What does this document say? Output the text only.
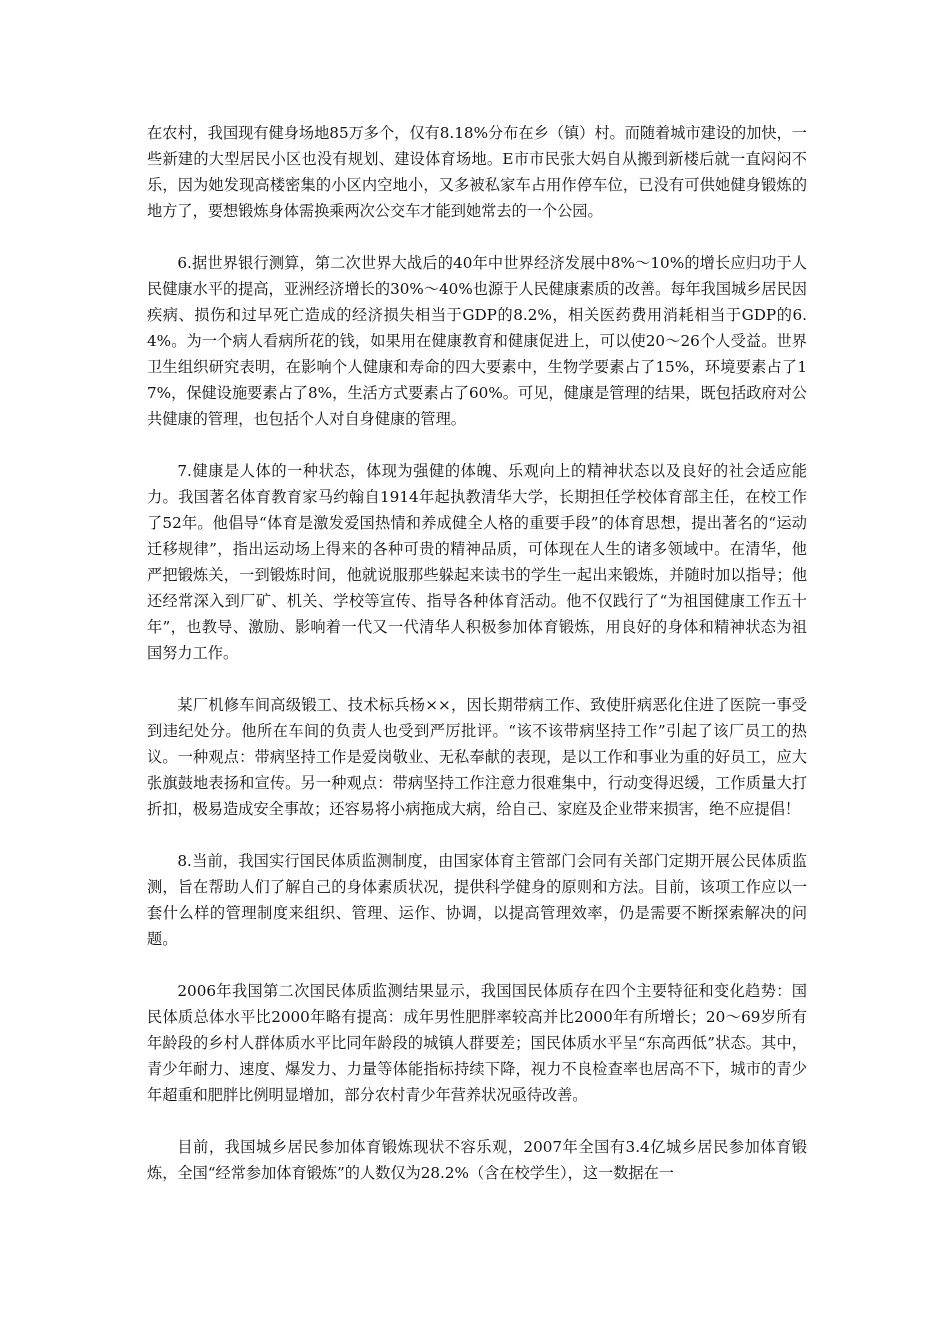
在农村，我国现有健身场地85万多个，仅有8.18%分布在乡（镇）村。而随着城市建设的加快，一些新建的大型居民小区也没有规划、建设体育场地。E市市民张大妈自从搬到新楼后就一直闷闷不乐，因为她发现高楼密集的小区内空地小，又多被私家车占用作停车位，已没有可供她健身锻炼的地方了，要想锻炼身体需换乘两次公交车才能到她常去的一个公园。

6.据世界银行测算，第二次世界大战后的40年中世界经济发展中8%～10%的增长应归功于人民健康水平的提高，亚洲经济增长的30%～40%也源于人民健康素质的改善。每年我国城乡居民因疾病、损伤和过早死亡造成的经济损失相当于GDP的8.2%，相关医药费用消耗相当于GDP的6.4%。为一个病人看病所花的钱，如果用在健康教育和健康促进上，可以使20～26个人受益。世界卫生组织研究表明，在影响个人健康和寿命的四大要素中，生物学要素占了15%，环境要素占了17%，保健设施要素占了8%，生活方式要素占了60%。可见，健康是管理的结果，既包括政府对公共健康的管理，也包括个人对自身健康的管理。

7.健康是人体的一种状态，体现为强健的体魄、乐观向上的精神状态以及良好的社会适应能力。我国著名体育教育家马约翰自1914年起执教清华大学，长期担任学校体育部主任，在校工作了52年。他倡导“体育是激发爱国热情和养成健全人格的重要手段”的体育思想，提出著名的“运动迁移规律”，指出运动场上得来的各种可贵的精神品质，可体现在人生的诸多领域中。在清华，他严把锻炼关，一到锻炼时间，他就说服那些躲起来读书的学生一起出来锻炼，并随时加以指导；他还经常深入到厂矿、机关、学校等宣传、指导各种体育活动。他不仅践行了“为祖国健康工作五十年”，也教导、激励、影响着一代又一代清华人积极参加体育锻炼，用良好的身体和精神状态为祖国努力工作。

某厂机修车间高级锻工、技术标兵杨××，因长期带病工作、致使肝病恶化住进了医院一事受到违纪处分。他所在车间的负责人也受到严厉批评。“该不该带病坚持工作”引起了该厂员工的热议。一种观点：带病坚持工作是爱岗敬业、无私奉献的表现，是以工作和事业为重的好员工，应大张旗鼓地表扬和宣传。另一种观点：带病坚持工作注意力很难集中，行动变得迟缓，工作质量大打折扣，极易造成安全事故；还容易将小病拖成大病，给自己、家庭及企业带来损害，绝不应提倡！

8.当前，我国实行国民体质监测制度，由国家体育主管部门会同有关部门定期开展公民体质监测，旨在帮助人们了解自己的身体素质状况，提供科学健身的原则和方法。目前，该项工作应以一套什么样的管理制度来组织、管理、运作、协调，以提高管理效率，仍是需要不断探索解决的问题。

2006年我国第二次国民体质监测结果显示，我国国民体质存在四个主要特征和变化趋势：国民体质总体水平比2000年略有提高：成年男性肥胖率较高并比2000年有所增长；20～69岁所有年龄段的乡村人群体质水平比同年龄段的城镇人群要差；国民体质水平呈“东高西低”状态。其中，青少年耐力、速度、爆发力、力量等体能指标持续下降，视力不良检查率也居高不下，城市的青少年超重和肥胖比例明显增加，部分农村青少年营养状况亟待改善。

目前，我国城乡居民参加体育锻炼现状不容乐观，2007年全国有3.4亿城乡居民参加体育锻炼，全国“经常参加体育锻炼”的人数仅为28.2%（含在校学生），这一数据在一
